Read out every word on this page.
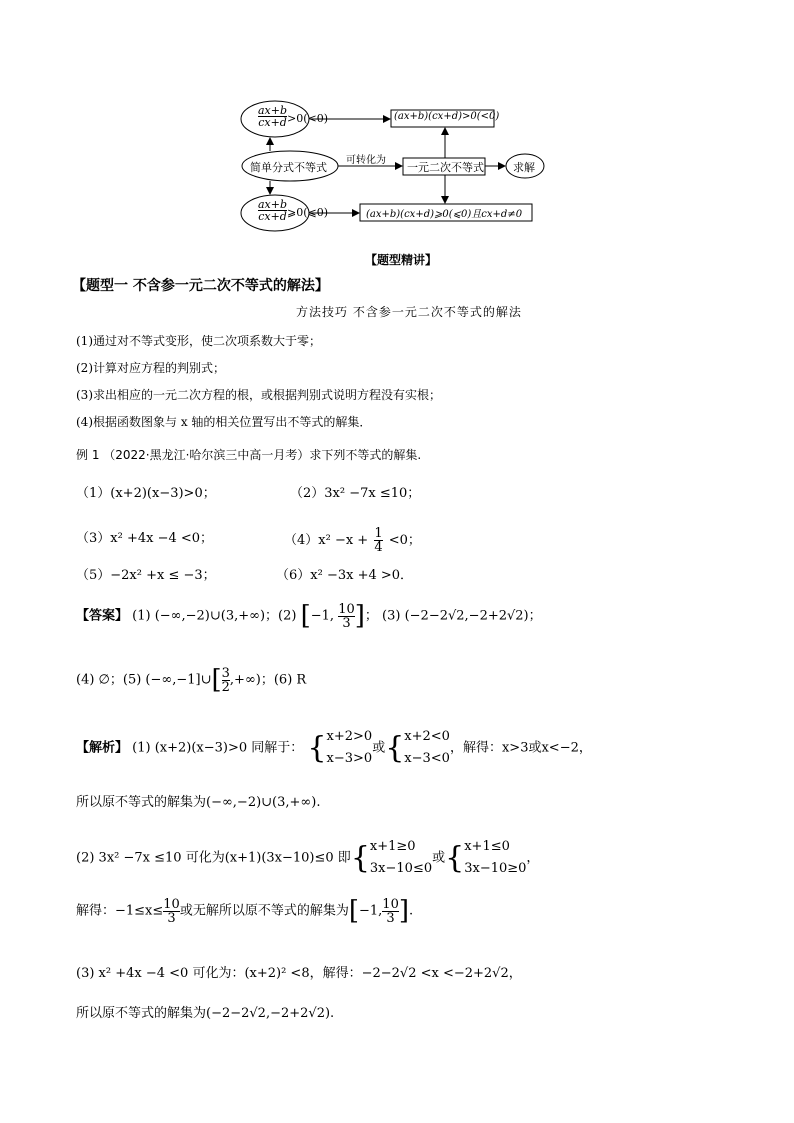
$\frac{ax+b}{cx+d} >0(<0)$
简单分式不等式
$\frac{ax+b}{cx+d}$ ⩾0(⩽0)
(ax+b)(cx+d)>0(<0)
可转化为
一元二次不等式	求解
(ax+b)(cx+d)⩾0(⩽0)且cx+d≠0
【题型精讲】
【题型一 不含参一元二次不等式的解法】
方法技巧 不含参一元二次不等式的解法
(1)通过对不等式变形，使二次项系数大于零；
(2)计算对应方程的判别式；
(3)求出相应的一元二次方程的根，或根据判别式说明方程没有实根；
(4)根据函数图象与 x 轴的相关位置写出不等式的解集．
例 1 （2022·黑龙江·哈尔滨三中高一月考）求下列不等式的解集.
（1）(x+2)(x−3)>0；	（2）3x² −7x ≤10；
（3）x² +4x −4 <0；	$(4)x^2 -x + \frac{1}{4} <0$；
（5）−2x² +x ≤ −3；	（6）x² −3x +4 >0．
【答案】 (1) (−∞,−2)∪(3,+∞)；(2) [−1, $\frac{10}{3}$ ]； (3) (−2−2√2,−2+2√2)；
(4) ∅；(5) (−∞,−1]∪[ $\frac{3}{2}$ ,+∞)；(6) R
【解析】 (1) (x+2)(x−3)>0 同解于： { x+2>0
x−3>0
或{ x+2<0
x−3<0
，解得：x>3或x<−2，
所以原不等式的解集为(−∞,−2)∪(3,+∞).
(2) 3x² −7x ≤10 可化为(x+1)(3x−10)≤0 即{ x+1≥0
3x−10≤0
或{ x+1≤0
3x−10≥0
，
解得：$-1\le x\le \frac{10}{3}$ 或无解所以原不等式的解集为[−1, $\frac{10}{3}$ ].
(3) x² +4x −4 <0 可化为：(x+2)² <8，解得：−2−2√2 <x <−2+2√2，
所以原不等式的解集为(−2−2√2,−2+2√2).
